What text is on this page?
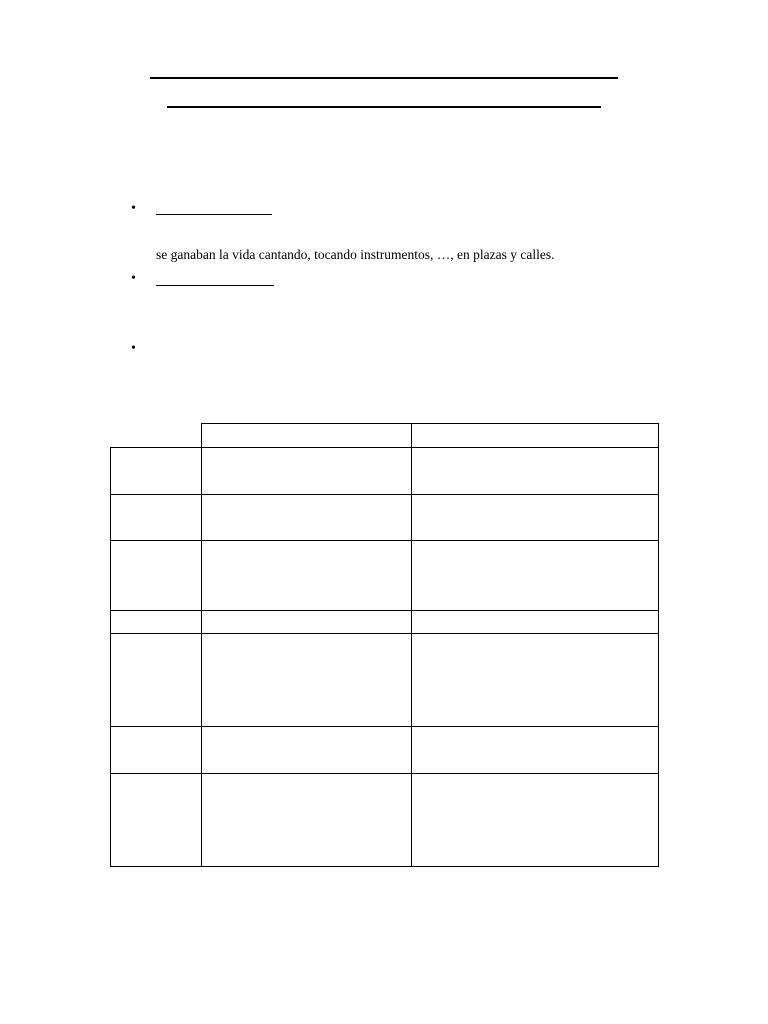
•
se ganaban la vida cantando, tocando instrumentos, …, en plazas y calles.
•
•
